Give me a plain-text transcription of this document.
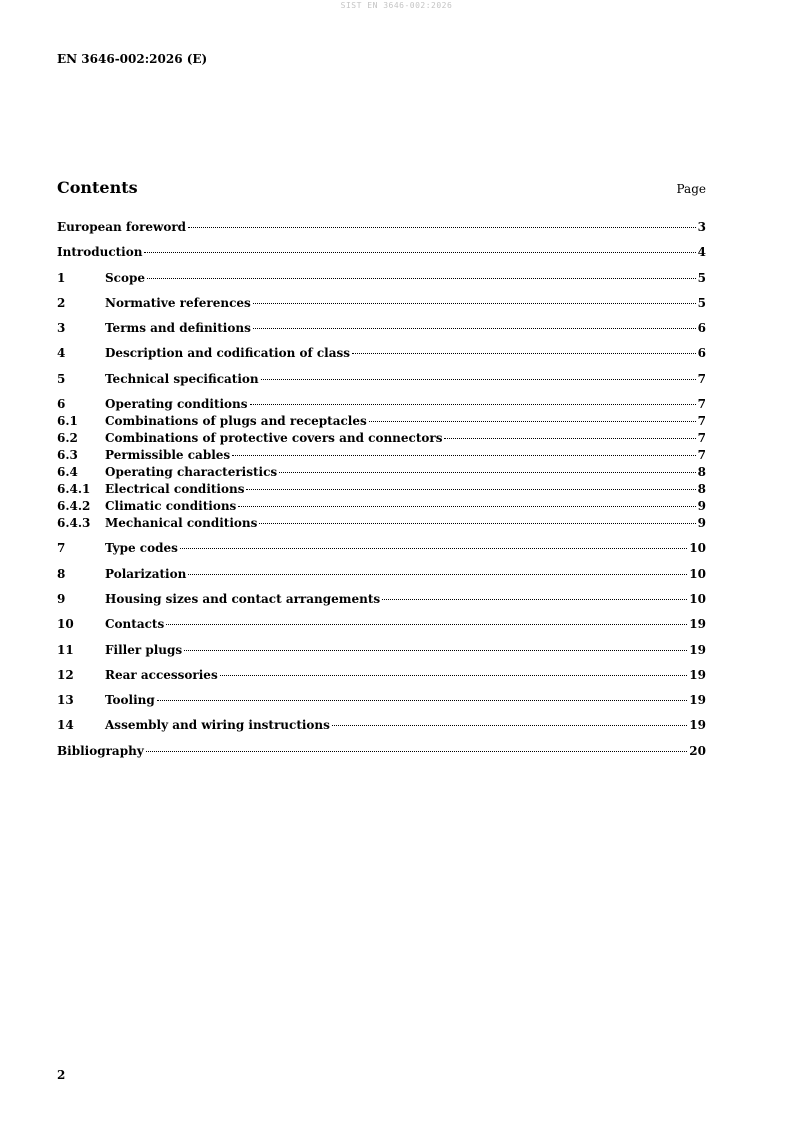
SIST EN 3646-002:2026
EN 3646-002:2026 (E)
Contents	Page
European foreword	3
Introduction	4
1	Scope	5
2	Normative references	5
3	Terms and definitions	6
4	Description and codification of class	6
5	Technical specification	7
6	Operating conditions	7
6.1	Combinations of plugs and receptacles	7
6.2	Combinations of protective covers and connectors	7
6.3	Permissible cables	7
6.4	Operating characteristics	8
6.4.1	Electrical conditions	8
6.4.2	Climatic conditions	9
6.4.3	Mechanical conditions	9
7	Type codes	10
8	Polarization	10
9	Housing sizes and contact arrangements	10
10	Contacts	19
11	Filler plugs	19
12	Rear accessories	19
13	Tooling	19
14	Assembly and wiring instructions	19
Bibliography	20
2
